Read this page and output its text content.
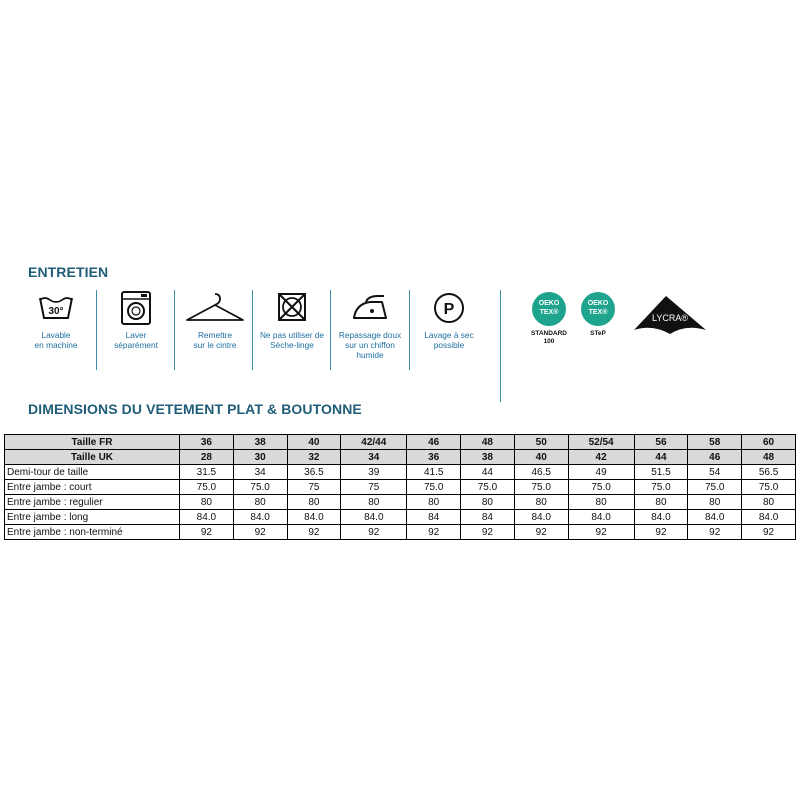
ENTRETIEN
30°
Lavable
en machine
Laver
séparément
Remettre
sur le cintre
Ne pas utiliser de
Sèche-linge
Repassage doux
sur un chiffon
humide
P
Lavage à sec
possible
OEKO
TEX®
STANDARD
100
OEKO
TEX®
STeP
LYCRA®
DIMENSIONS DU VETEMENT PLAT & BOUTONNE
Taille FR	36	38	40	42/44	46	48	50	52/54	56	58	60
Taille UK	28	30	32	34	36	38	40	42	44	46	48
Demi-tour de taille	31.5	34	36.5	39	41.5	44	46.5	49	51.5	54	56.5
Entre jambe : court	75.0	75.0	75	75	75.0	75.0	75.0	75.0	75.0	75.0	75.0
Entre jambe : regulier	80	80	80	80	80	80	80	80	80	80	80
Entre jambe : long	84.0	84.0	84.0	84.0	84	84	84.0	84.0	84.0	84.0	84.0
Entre jambe : non-terminé	92	92	92	92	92	92	92	92	92	92	92
